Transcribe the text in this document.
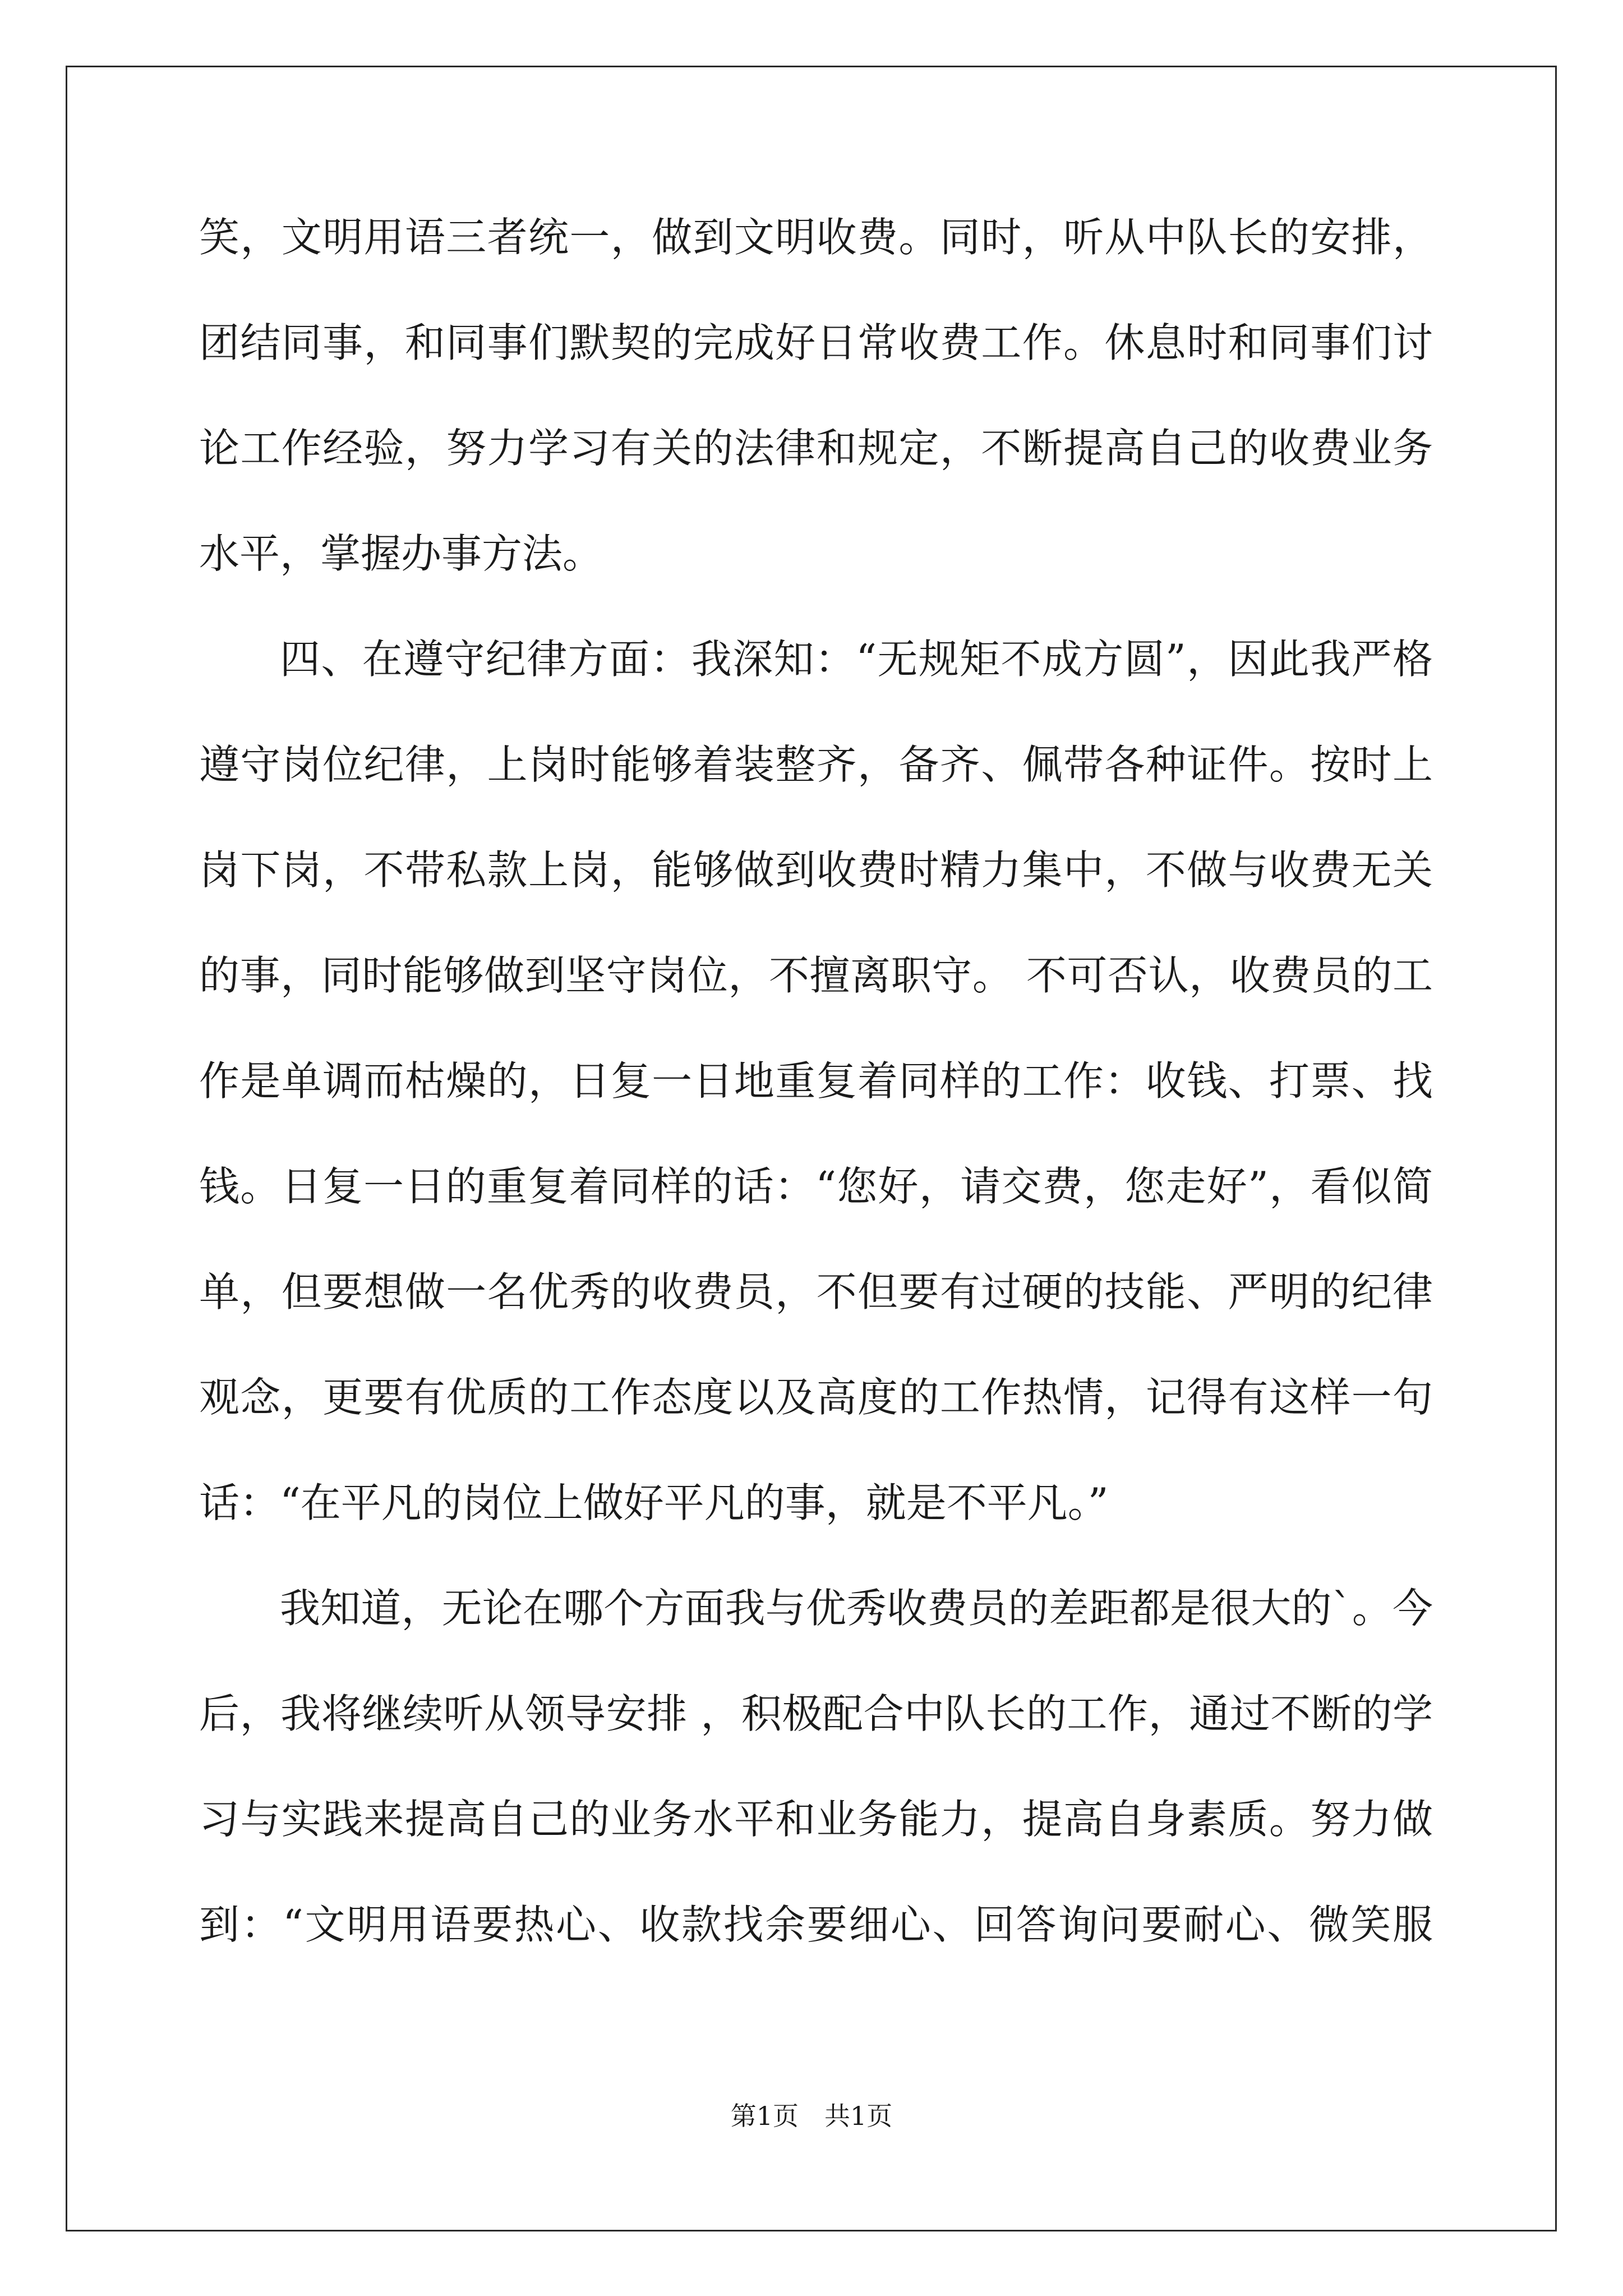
笑，文明用语三者统一，做到文明收费。同时，听从中队长的安排，
团结同事，和同事们默契的完成好日常收费工作。休息时和同事们讨
论工作经验，努力学习有关的法律和规定，不断提高自己的收费业务
水平，掌握办事方法。
四、在遵守纪律方面：我深知：“无规矩不成方圆”，因此我严格
遵守岗位纪律，上岗时能够着装整齐，备齐、佩带各种证件。按时上
岗下岗，不带私款上岗，能够做到收费时精力集中，不做与收费无关
的事，同时能够做到坚守岗位，不擅离职守。 不可否认，收费员的工
作是单调而枯燥的，日复一日地重复着同样的工作：收钱、打票、找
钱。日复一日的重复着同样的话：“您好，请交费，您走好”，看似简
单，但要想做一名优秀的收费员，不但要有过硬的技能、严明的纪律
观念，更要有优质的工作态度以及高度的工作热情，记得有这样一句
话：“在平凡的岗位上做好平凡的事，就是不平凡。”
我知道，无论在哪个方面我与优秀收费员的差距都是很大的`。今
后，我将继续听从领导安排 ，积极配合中队长的工作，通过不断的学
习与实践来提高自己的业务水平和业务能力，提高自身素质。努力做
到：“文明用语要热心、收款找余要细心、回答询问要耐心、微笑服
第1页　共1页
